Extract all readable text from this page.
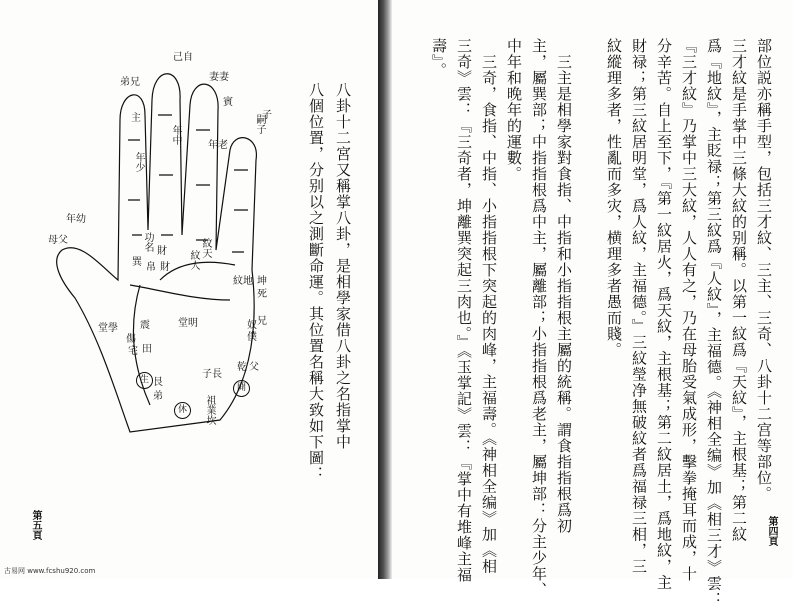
八卦十二宮又稱掌八卦，是相學家借八卦之名指掌中
八個位置，分别以之測斷命運。其位置名稱大致如下圖：
己自
妻妻
子
弟兄
賓
嗣子
主
年少
年中
年老
年幼
母父	功名 財
帛
巽 財
紋天
紋人
紋地 坤
死
兄
奴
僕
乾 父
堂明
堂學
宅
震
田
傷
艮
弟
子長
祖業坎
開
休
生
第五頁
部位説亦稱手型，包括三才紋、三主、三奇、八卦十二宫等部位。
三才紋是手掌中三條大紋的别稱。以第一紋爲『天紋』，主根基；第二紋
爲『地紋』，主貶禄；第三紋爲『人紋』，主福德。《神相全编》加《相三才》雲：
『三才紋』乃掌中三大紋，人人有之，乃在母胎受氣成形，擊拳掩耳而成，十
分辛苦。自上至下，『第一紋居火，爲天紋，主根基；第二紋居土，爲地紋，主
財禄；第三紋居明堂，爲人紋，主福德。』三紋瑩净無破紋者爲福禄三相，三
紋縱理多者，性亂而多灾，横理多者愚而賤。
三主是相學家對食指、中指和小指指根主屬的統稱。謂食指指根爲初
主，屬巽部；中指指根爲中主，屬離部；小指指根爲老主，屬坤部：分主少年、
中年和晚年的運數。
三奇，食指、中指、小指指根下突起的肉峰，主福壽。《神相全编》加《相
三奇》雲：『三奇者，坤離巽突起三肉也。』《玉掌記》雲：『掌中有堆峰主福
壽』。
第四頁
古易网 www.fcshu920.com
